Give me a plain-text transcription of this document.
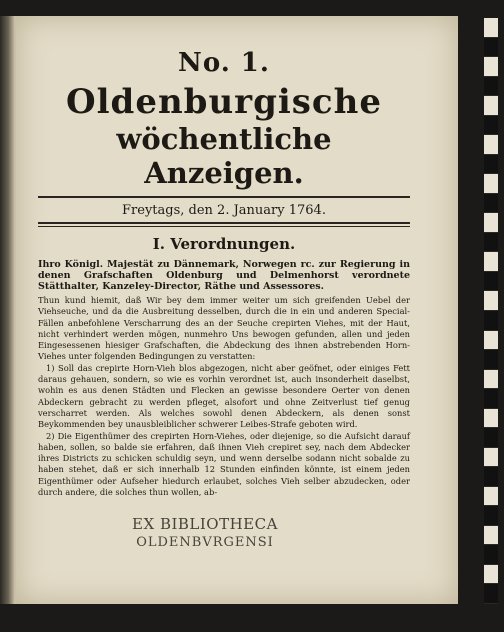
No. 1.
Oldenburgische
wöchentliche Anzeigen.
Freytags, den 2. January 1764.
I. Verordnungen.

Ihro Königl. Majestät zu Dännemark, Norwegen rc. zur Regierung in denen Grafschaften Oldenburg und Delmenhorst verordnete Stätthalter, Kanzeley-Director, Räthe und Assessores.

Thun kund hiemit, daß Wir bey dem immer weiter um sich greifenden Uebel der Viehseuche, und da die Ausbreitung desselben, durch die in ein und anderen Special-Fällen anbefohlene Verscharrung des an der Seuche crepirten Viehes, mit der Haut, nicht verhindert werden mögen, nunmehro Uns bewogen gefunden, allen und jeden Eingesessenen hiesiger Grafschaften, die Abdeckung des ihnen abstrebenden Horn-Viehes unter folgenden Bedingungen zu verstatten:

1) Soll das crepirte Horn-Vieh blos abgezogen, nicht aber geöfnet, oder einiges Fett daraus gehauen, sondern, so wie es vorhin verordnet ist, auch insonderheit daselbst, wohin es aus denen Städten und Flecken an gewisse besondere Oerter von denen Abdeckern gebracht zu werden pfleget, alsofort und ohne Zeitverlust tief genug verscharret werden. Als welches sowohl denen Abdeckern, als denen sonst Beykommenden bey unausbleiblicher schwerer Leibes-Strafe geboten wird.

2) Die Eigenthümer des crepirten Horn-Viehes, oder diejenige, so die Aufsicht darauf haben, sollen, so balde sie erfahren, daß ihnen Vieh crepiret sey, nach dem Abdecker ihres Districts zu schicken schuldig seyn, und wenn derselbe sodann nicht sobalde zu haben stehet, daß er sich innerhalb 12 Stunden einfinden könnte, ist einem jeden Eigenthümer oder Aufseher hiedurch erlaubet, solches Vieh selber abzudecken, oder durch andere, die solches thun wollen, ab-

EX BIBLIOTHECA
OLDENBVRGENSI
